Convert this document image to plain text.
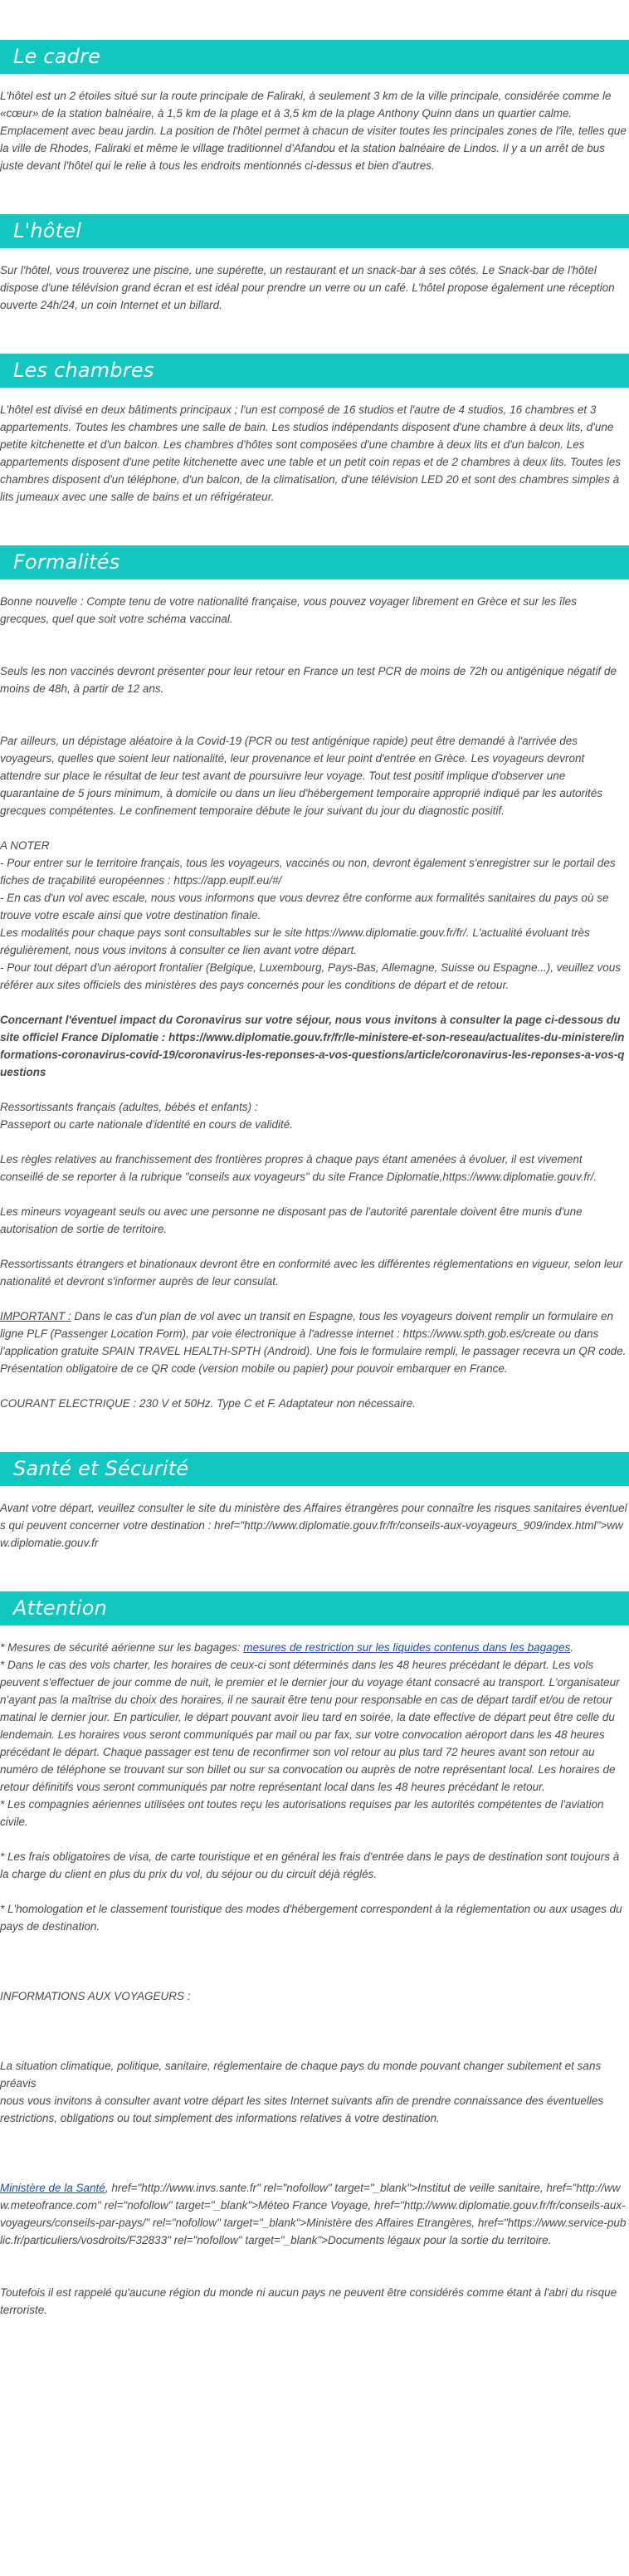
Le cadre

L'hôtel est un 2 étoiles situé sur la route principale de Faliraki, à seulement 3 km de la ville principale, considérée comme le «cœur» de la station balnéaire, à 1,5 km de la plage et à 3,5 km de la plage Anthony Quinn dans un quartier calme. Emplacement avec beau jardin. La position de l'hôtel permet à chacun de visiter toutes les principales zones de l'île, telles que la ville de Rhodes, Faliraki et même le village traditionnel d'Afandou et la station balnéaire de Lindos. Il y a un arrêt de bus juste devant l'hôtel qui le relie à tous les endroits mentionnés ci-dessus et bien d'autres.

L'hôtel

Sur l'hôtel, vous trouverez une piscine, une supérette, un restaurant et un snack-bar à ses côtés. Le Snack-bar de l'hôtel dispose d'une télévision grand écran et est idéal pour prendre un verre ou un café. L'hôtel propose également une réception ouverte 24h/24, un coin Internet et un billard.

Les chambres

L'hôtel est divisé en deux bâtiments principaux ; l'un est composé de 16 studios et l'autre de 4 studios, 16 chambres et 3 appartements. Toutes les chambres une salle de bain. Les studios indépendants disposent d'une chambre à deux lits, d'une petite kitchenette et d'un balcon. Les chambres d'hôtes sont composées d'une chambre à deux lits et d'un balcon. Les appartements disposent d'une petite kitchenette avec une table et un petit coin repas et de 2 chambres à deux lits. Toutes les chambres disposent d'un téléphone, d'un balcon, de la climatisation, d'une télévision LED 20 et sont des chambres simples à lits jumeaux avec une salle de bains et un réfrigérateur.

Formalités

Bonne nouvelle : Compte tenu de votre nationalité française, vous pouvez voyager librement en Grèce et sur les îles grecques, quel que soit votre schéma vaccinal.

Seuls les non vaccinés devront présenter pour leur retour en France un test PCR de moins de 72h ou antigénique négatif de moins de 48h, à partir de 12 ans.

Par ailleurs, un dépistage aléatoire à la Covid-19 (PCR ou test antigénique rapide) peut être demandé à l'arrivée des voyageurs, quelles que soient leur nationalité, leur provenance et leur point d'entrée en Grèce. Les voyageurs devront attendre sur place le résultat de leur test avant de poursuivre leur voyage. Tout test positif implique d'observer une quarantaine de 5 jours minimum, à domicile ou dans un lieu d'hébergement temporaire approprié indiqué par les autorités grecques compétentes. Le confinement temporaire débute le jour suivant du jour du diagnostic positif.

A NOTER

- Pour entrer sur le territoire français, tous les voyageurs, vaccinés ou non, devront également s'enregistrer sur le portail des fiches de traçabilité européennes : https://app.euplf.eu/#/

- En cas d'un vol avec escale, nous vous informons que vous devrez être conforme aux formalités sanitaires du pays où se trouve votre escale ainsi que votre destination finale.

Les modalités pour chaque pays sont consultables sur le site https://www.diplomatie.gouv.fr/fr/. L'actualité évoluant très régulièrement, nous vous invitons à consulter ce lien avant votre départ.

- Pour tout départ d'un aéroport frontalier (Belgique, Luxembourg, Pays-Bas, Allemagne, Suisse ou Espagne...), veuillez vous référer aux sites officiels des ministères des pays concernés pour les conditions de départ et de retour.

Concernant l'éventuel impact du Coronavirus sur votre séjour, nous vous invitons à consulter la page ci-dessous du site officiel France Diplomatie : https://www.diplomatie.gouv.fr/fr/le-ministere-et-son-reseau/actualites-du-ministere/informations-coronavirus-covid-19/coronavirus-les-reponses-a-vos-questions/article/coronavirus-les-reponses-a-vos-questions

Ressortissants français (adultes, bébés et enfants) :

Passeport ou carte nationale d'identité en cours de validité.

Les règles relatives au franchissement des frontières propres à chaque pays étant amenées à évoluer, il est vivement conseillé de se reporter à la rubrique "conseils aux voyageurs" du site France Diplomatie,https://www.diplomatie.gouv.fr/.

Les mineurs voyageant seuls ou avec une personne ne disposant pas de l'autorité parentale doivent être munis d'une autorisation de sortie de territoire.

Ressortissants étrangers et binationaux devront être en conformité avec les différentes réglementations en vigueur, selon leur nationalité et devront s'informer auprès de leur consulat.

IMPORTANT : Dans le cas d'un plan de vol avec un transit en Espagne, tous les voyageurs doivent remplir un formulaire en ligne PLF (Passenger Location Form), par voie électronique à l'adresse internet : https://www.spth.gob.es/create ou dans l'application gratuite SPAIN TRAVEL HEALTH-SPTH (Android). Une fois le formulaire rempli, le passager recevra un QR code. Présentation obligatoire de ce QR code (version mobile ou papier) pour pouvoir embarquer en France.

COURANT ELECTRIQUE : 230 V et 50Hz. Type C et F. Adaptateur non nécessaire.

Santé et Sécurité

Avant votre départ, veuillez consulter le site du ministère des Affaires étrangères pour connaître les risques sanitaires éventuels qui peuvent concerner votre destination : href="http://www.diplomatie.gouv.fr/fr/conseils-aux-voyageurs_909/index.html">www.diplomatie.gouv.fr

Attention

* Mesures de sécurité aérienne sur les bagages: mesures de restriction sur les liquides contenus dans les bagages.

* Dans le cas des vols charter, les horaires de ceux-ci sont déterminés dans les 48 heures précédant le départ. Les vols peuvent s'effectuer de jour comme de nuit, le premier et le dernier jour du voyage étant consacré au transport. L'organisateur n'ayant pas la maîtrise du choix des horaires, il ne saurait être tenu pour responsable en cas de départ tardif et/ou de retour matinal le dernier jour. En particulier, le départ pouvant avoir lieu tard en soirée, la date effective de départ peut être celle du lendemain. Les horaires vous seront communiqués par mail ou par fax, sur votre convocation aéroport dans les 48 heures précédant le départ. Chaque passager est tenu de reconfirmer son vol retour au plus tard 72 heures avant son retour au numéro de téléphone se trouvant sur son billet ou sur sa convocation ou auprès de notre représentant local. Les horaires de retour définitifs vous seront communiqués par notre représentant local dans les 48 heures précédant le retour.

* Les compagnies aériennes utilisées ont toutes reçu les autorisations requises par les autorités compétentes de l'aviation civile.

* Les frais obligatoires de visa, de carte touristique et en général les frais d'entrée dans le pays de destination sont toujours à la charge du client en plus du prix du vol, du séjour ou du circuit déjà réglés.

* L'homologation et le classement touristique des modes d'hébergement correspondent à la réglementation ou aux usages du pays de destination.

INFORMATIONS AUX VOYAGEURS :

La situation climatique, politique, sanitaire, réglementaire de chaque pays du monde pouvant changer subitement et sans préavis

nous vous invitons à consulter avant votre départ les sites Internet suivants afin de prendre connaissance des éventuelles restrictions, obligations ou tout simplement des informations relatives à votre destination.

Ministère de la Santé, href="http://www.invs.sante.fr" rel="nofollow" target="_blank">Institut de veille sanitaire, href="http://www.meteofrance.com" rel="nofollow" target="_blank">Méteo France Voyage, href="http://www.diplomatie.gouv.fr/fr/conseils-aux-voyageurs/conseils-par-pays/" rel="nofollow" target="_blank">Ministère des Affaires Etrangères, href="https://www.service-public.fr/particuliers/vosdroits/F32833" rel="nofollow" target="_blank">Documents légaux pour la sortie du territoire.

Toutefois il est rappelé qu'aucune région du monde ni aucun pays ne peuvent être considérés comme étant à l'abri du risque terroriste.
